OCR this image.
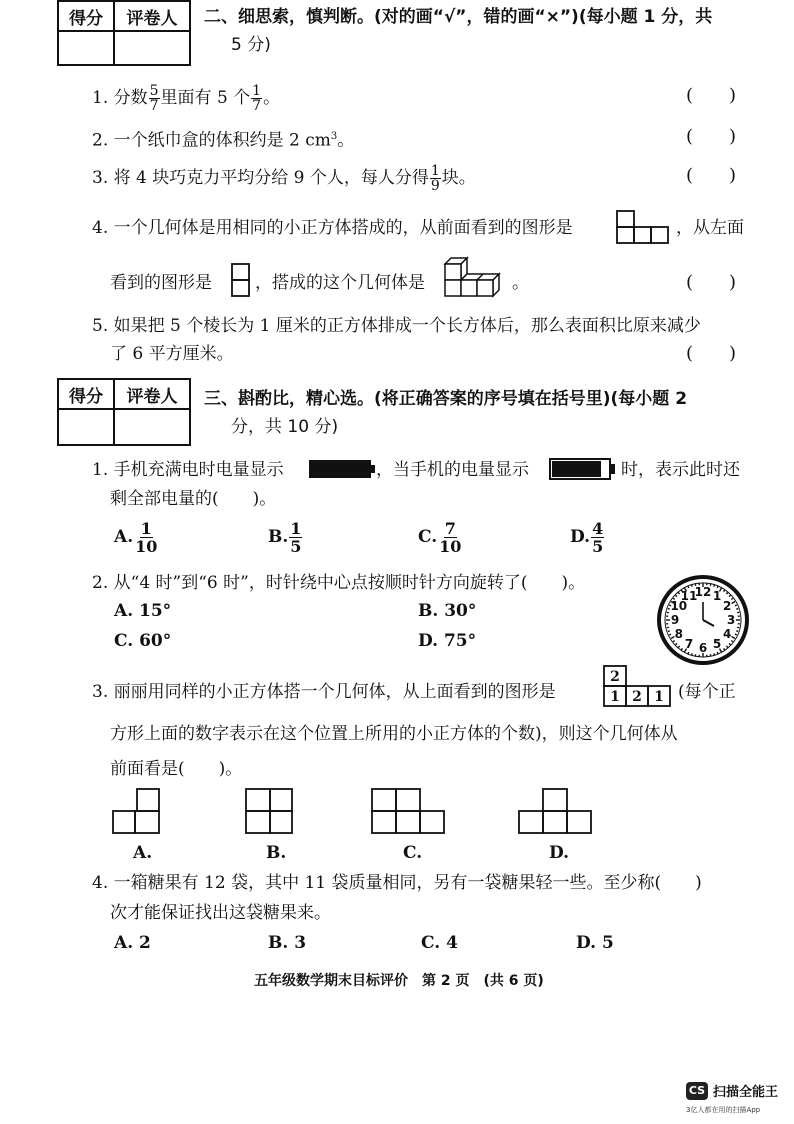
得分	评卷人
	二、细思索，慎判断。(对的画“√”，错的画“×”)(每小题 1 分，共
5 分)
1. 分数 $\frac{5}{7}$ 里面有 5 个 $\frac{1}{7}$ 。	(　　)
2. 一个纸巾盒的体积约是 2 $cm^3$。	(　　)
3. 将 4 块巧克力平均分给 9 个人，每人分得 $\frac{1}{9}$ 块。	(　　)
4. 一个几何体是用相同的小正方体搭成的，从前面看到的图形是	，从左面
看到的图形是	，搭成的这个几何体是	。	(　　)
5. 如果把 5 个棱长为 1 厘米的正方体排成一个长方体后，那么表面积比原来减少
了 6 平方厘米。	(　　)
得分	评卷人
	三、斟酌比，精心选。(将正确答案的序号填在括号里)(每小题 2
分，共 10 分)
1. 手机充满电时电量显示	，当手机的电量显示	时，表示此时还
剩全部电量的(　　)。
A. $\frac{1}{10}$	B. $\frac{1}{5}$	C. $\frac{7}{10}$	D. $\frac{4}{5}$
2. 从“4 时”到“6 时”，时针绕中心点按顺时针方向旋转了(　　)。
A. 15°	B. 30°
C. 60°	D. 75°
12 1
2
3
4
5
6
7
8
9
10
11
3. 丽丽用同样的小正方体搭一个几何体，从上面看到的图形是
2
1 2 1 (每个正
方形上面的数字表示在这个位置上所用的小正方体的个数)，则这个几何体从
前面看是(　　)。
A.	B.	C.	D.
4. 一箱糖果有 12 袋，其中 11 袋质量相同，另有一袋糖果轻一些。至少称(　　)
次才能保证找出这袋糖果来。
A. 2	B. 3	C. 4	D. 5
五年级数学期末目标评价　第 2 页　(共 6 页)
CS 扫描全能王
3亿人都在用的扫描App
